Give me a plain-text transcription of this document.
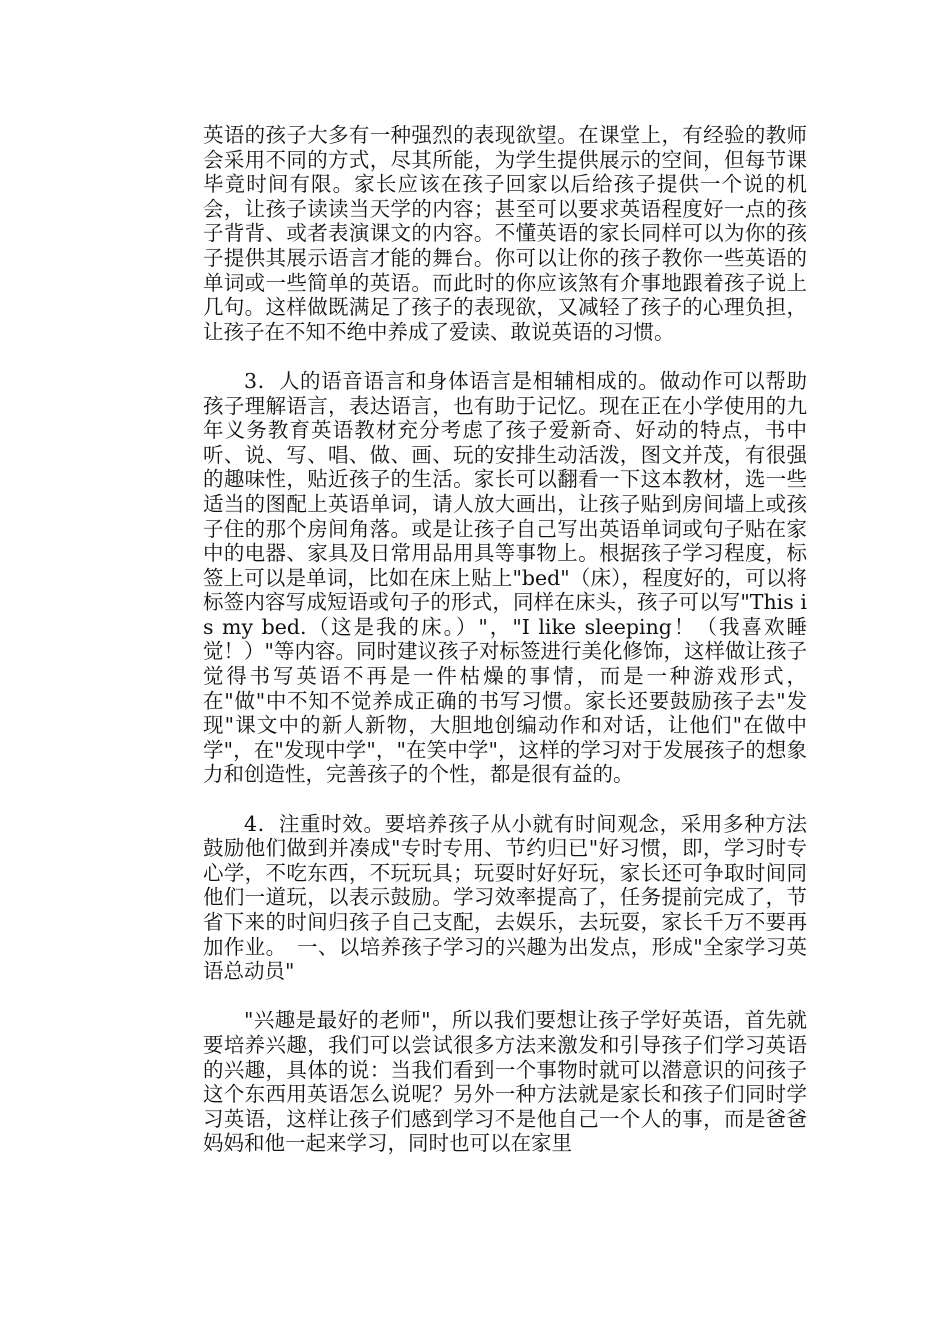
英语的孩子大多有一种强烈的表现欲望。在课堂上，有经验的教师会采用不同的方式，尽其所能，为学生提供展示的空间，但每节课毕竟时间有限。家长应该在孩子回家以后给孩子提供一个说的机会，让孩子读读当天学的内容；甚至可以要求英语程度好一点的孩子背背、或者表演课文的内容。不懂英语的家长同样可以为你的孩子提供其展示语言才能的舞台。你可以让你的孩子教你一些英语的单词或一些简单的英语。而此时的你应该煞有介事地跟着孩子说上几句。这样做既满足了孩子的表现欲，又减轻了孩子的心理负担，让孩子在不知不绝中养成了爱读、敢说英语的习惯。

3．人的语音语言和身体语言是相辅相成的。做动作可以帮助孩子理解语言，表达语言，也有助于记忆。现在正在小学使用的九年义务教育英语教材充分考虑了孩子爱新奇、好动的特点，书中听、说、写、唱、做、画、玩的安排生动活泼，图文并茂，有很强的趣味性，贴近孩子的生活。家长可以翻看一下这本教材，选一些适当的图配上英语单词，请人放大画出，让孩子贴到房间墙上或孩子住的那个房间角落。或是让孩子自己写出英语单词或句子贴在家中的电器、家具及日常用品用具等事物上。根据孩子学习程度，标签上可以是单词，比如在床上贴上"bed"（床），程度好的，可以将标签内容写成短语或句子的形式，同样在床头，孩子可以写"This is my bed.（这是我的床。）"，"I like sleeping！（我喜欢睡觉！）"等内容。同时建议孩子对标签进行美化修饰，这样做让孩子觉得书写英语不再是一件枯燥的事情，而是一种游戏形式，在"做"中不知不觉养成正确的书写习惯。家长还要鼓励孩子去"发现"课文中的新人新物，大胆地创编动作和对话，让他们"在做中学"，在"发现中学"，"在笑中学"，这样的学习对于发展孩子的想象力和创造性，完善孩子的个性，都是很有益的。

4．注重时效。要培养孩子从小就有时间观念，采用多种方法鼓励他们做到并凑成"专时专用、节约归已"好习惯，即，学习时专心学，不吃东西，不玩玩具；玩耍时好好玩，家长还可争取时间同他们一道玩，以表示鼓励。学习效率提高了，任务提前完成了，节省下来的时间归孩子自己支配，去娱乐，去玩耍，家长千万不要再加作业。　一、以培养孩子学习的兴趣为出发点，形成"全家学习英语总动员"

"兴趣是最好的老师"，所以我们要想让孩子学好英语，首先就要培养兴趣，我们可以尝试很多方法来激发和引导孩子们学习英语的兴趣，具体的说：当我们看到一个事物时就可以潜意识的问孩子这个东西用英语怎么说呢？另外一种方法就是家长和孩子们同时学习英语，这样让孩子们感到学习不是他自己一个人的事，而是爸爸妈妈和他一起来学习，同时也可以在家里
